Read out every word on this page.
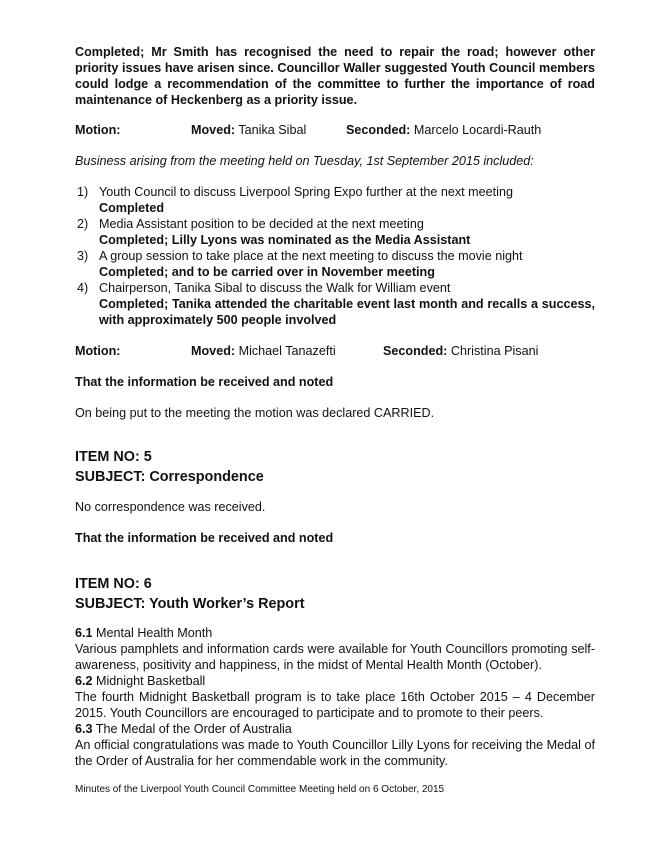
Completed; Mr Smith has recognised the need to repair the road; however other priority issues have arisen since. Councillor Waller suggested Youth Council members could lodge a recommendation of the committee to further the importance of road maintenance of Heckenberg as a priority issue.
Motion:	Moved: Tanika Sibal	Seconded: Marcelo Locardi-Rauth
Business arising from the meeting held on Tuesday, 1st September 2015 included:
1) Youth Council to discuss Liverpool Spring Expo further at the next meeting
Completed
2) Media Assistant position to be decided at the next meeting
Completed; Lilly Lyons was nominated as the Media Assistant
3) A group session to take place at the next meeting to discuss the movie night
Completed; and to be carried over in November meeting
4) Chairperson, Tanika Sibal to discuss the Walk for William event
Completed; Tanika attended the charitable event last month and recalls a success, with approximately 500 people involved
Motion:	Moved: Michael Tanazefti	Seconded: Christina Pisani
That the information be received and noted
On being put to the meeting the motion was declared CARRIED.
ITEM NO: 5
SUBJECT: Correspondence
No correspondence was received.
That the information be received and noted
ITEM NO: 6
SUBJECT: Youth Worker’s Report
6.1 Mental Health Month
Various pamphlets and information cards were available for Youth Councillors promoting self-awareness, positivity and happiness, in the midst of Mental Health Month (October).
6.2 Midnight Basketball
The fourth Midnight Basketball program is to take place 16th October 2015 – 4 December 2015. Youth Councillors are encouraged to participate and to promote to their peers.
6.3 The Medal of the Order of Australia
An official congratulations was made to Youth Councillor Lilly Lyons for receiving the Medal of the Order of Australia for her commendable work in the community.
Minutes of the Liverpool Youth Council Committee Meeting held on 6 October, 2015
